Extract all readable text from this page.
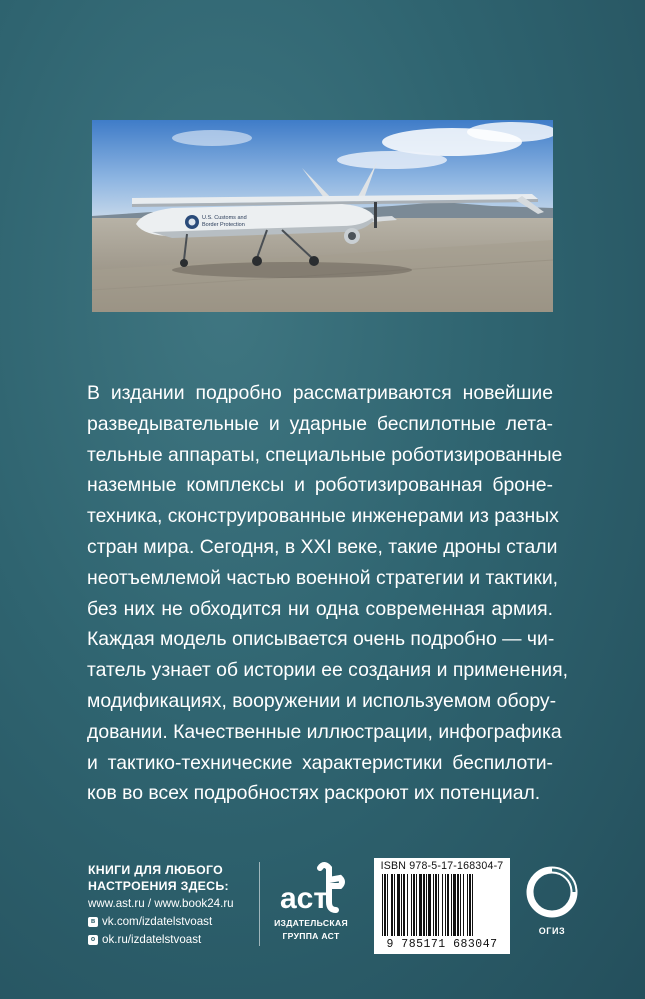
U.S. Customs and
Border Protection
В издании подробно рассматриваются новейшие
разведывательные и ударные беспилотные лета-
тельные аппараты, специальные роботизированные
наземные комплексы и роботизированная броне-
техника, сконструированные инженерами из разных
стран мира. Сегодня, в XXI веке, такие дроны стали
неотъемлемой частью военной стратегии и тактики,
без них не обходится ни одна современная армия.
Каждая модель описывается очень подробно — чи-
татель узнает об истории ее создания и применения,
модификациях, вооружении и используемом обору-
довании. Качественные иллюстрации, инфографика
и тактико-технические характеристики беспилоти-
ков во всех подробностях раскроют их потенциал.
КНИГИ ДЛЯ ЛЮБОГО
НАСТРОЕНИЯ ЗДЕСЬ:
www.ast.ru / www.book24.ru
в vk.com/izdatelstvoast
о ok.ru/izdatelstvoast
аст
ИЗДАТЕЛЬСКАЯ
ГРУППА АСТ
ISBN 978-5-17-168304-7
9 785171 683047
ОГИЗ
